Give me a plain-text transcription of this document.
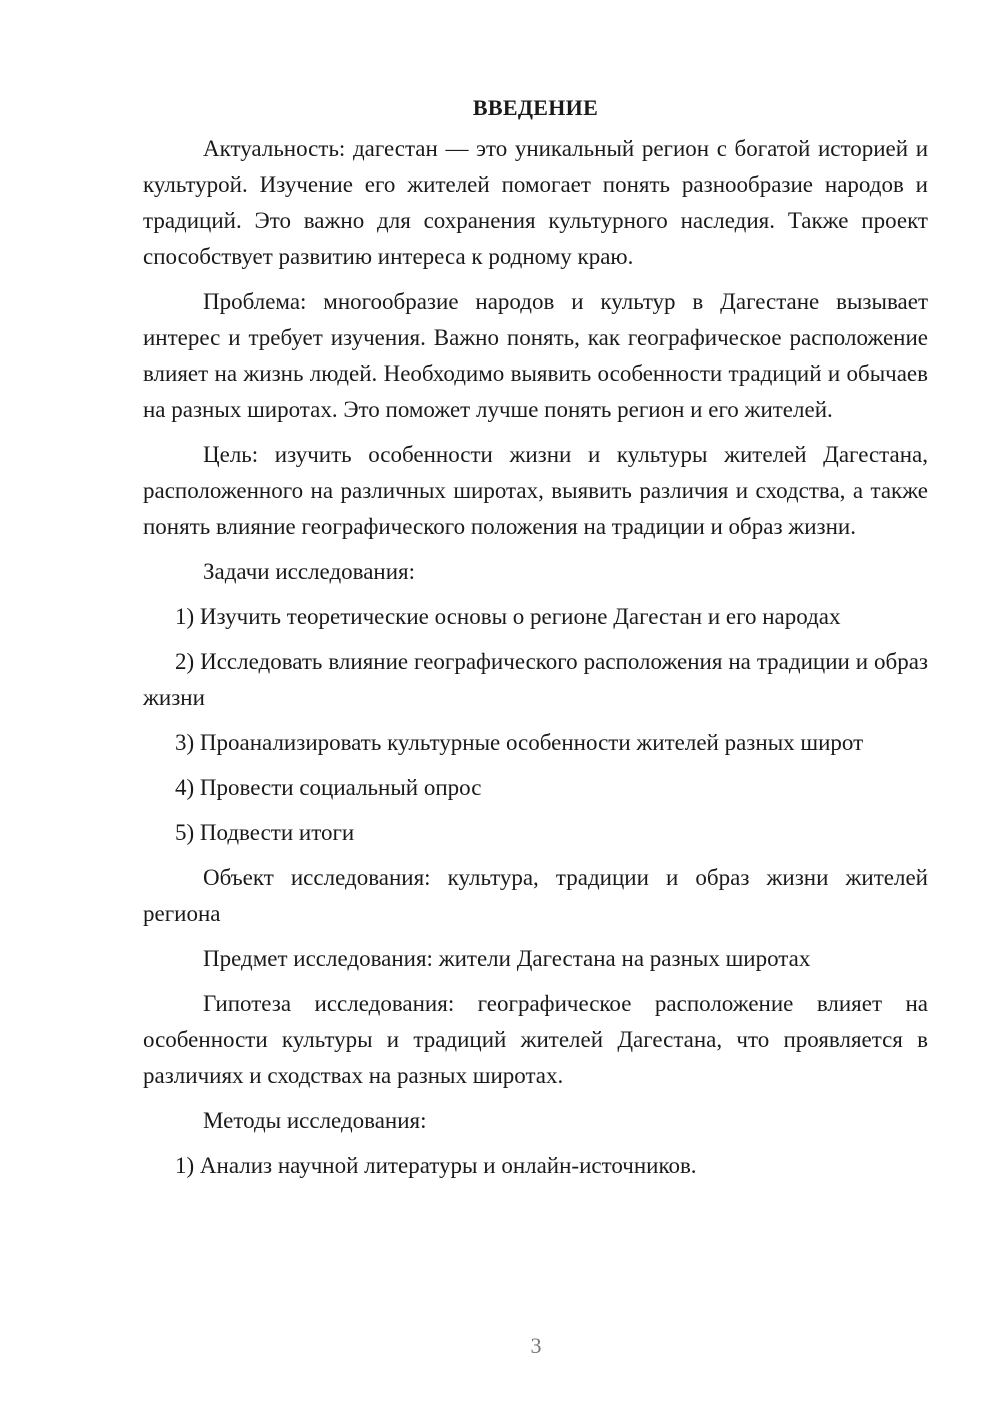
ВВЕДЕНИЕ

Актуальность: дагестан — это уникальный регион с богатой историей и культурой. Изучение его жителей помогает понять разнообразие народов и традиций. Это важно для сохранения культурного наследия. Также проект способствует развитию интереса к родному краю.

Проблема: многообразие народов и культур в Дагестане вызывает интерес и требует изучения. Важно понять, как географическое расположение влияет на жизнь людей. Необходимо выявить особенности традиций и обычаев на разных широтах. Это поможет лучше понять регион и его жителей.

Цель: изучить особенности жизни и культуры жителей Дагестана, расположенного на различных широтах, выявить различия и сходства, а также понять влияние географического положения на традиции и образ жизни.

Задачи исследования:

1) Изучить теоретические основы о регионе Дагестан и его народах

2) Исследовать влияние географического расположения на традиции и образ жизни

3) Проанализировать культурные особенности жителей разных широт

4) Провести социальный опрос

5) Подвести итоги

Объект исследования: культура, традиции и образ жизни жителей региона

Предмет исследования: жители Дагестана на разных широтах

Гипотеза исследования: географическое расположение влияет на особенности культуры и традиций жителей Дагестана, что проявляется в различиях и сходствах на разных широтах.

Методы исследования:

1) Анализ научной литературы и онлайн-источников.

3
